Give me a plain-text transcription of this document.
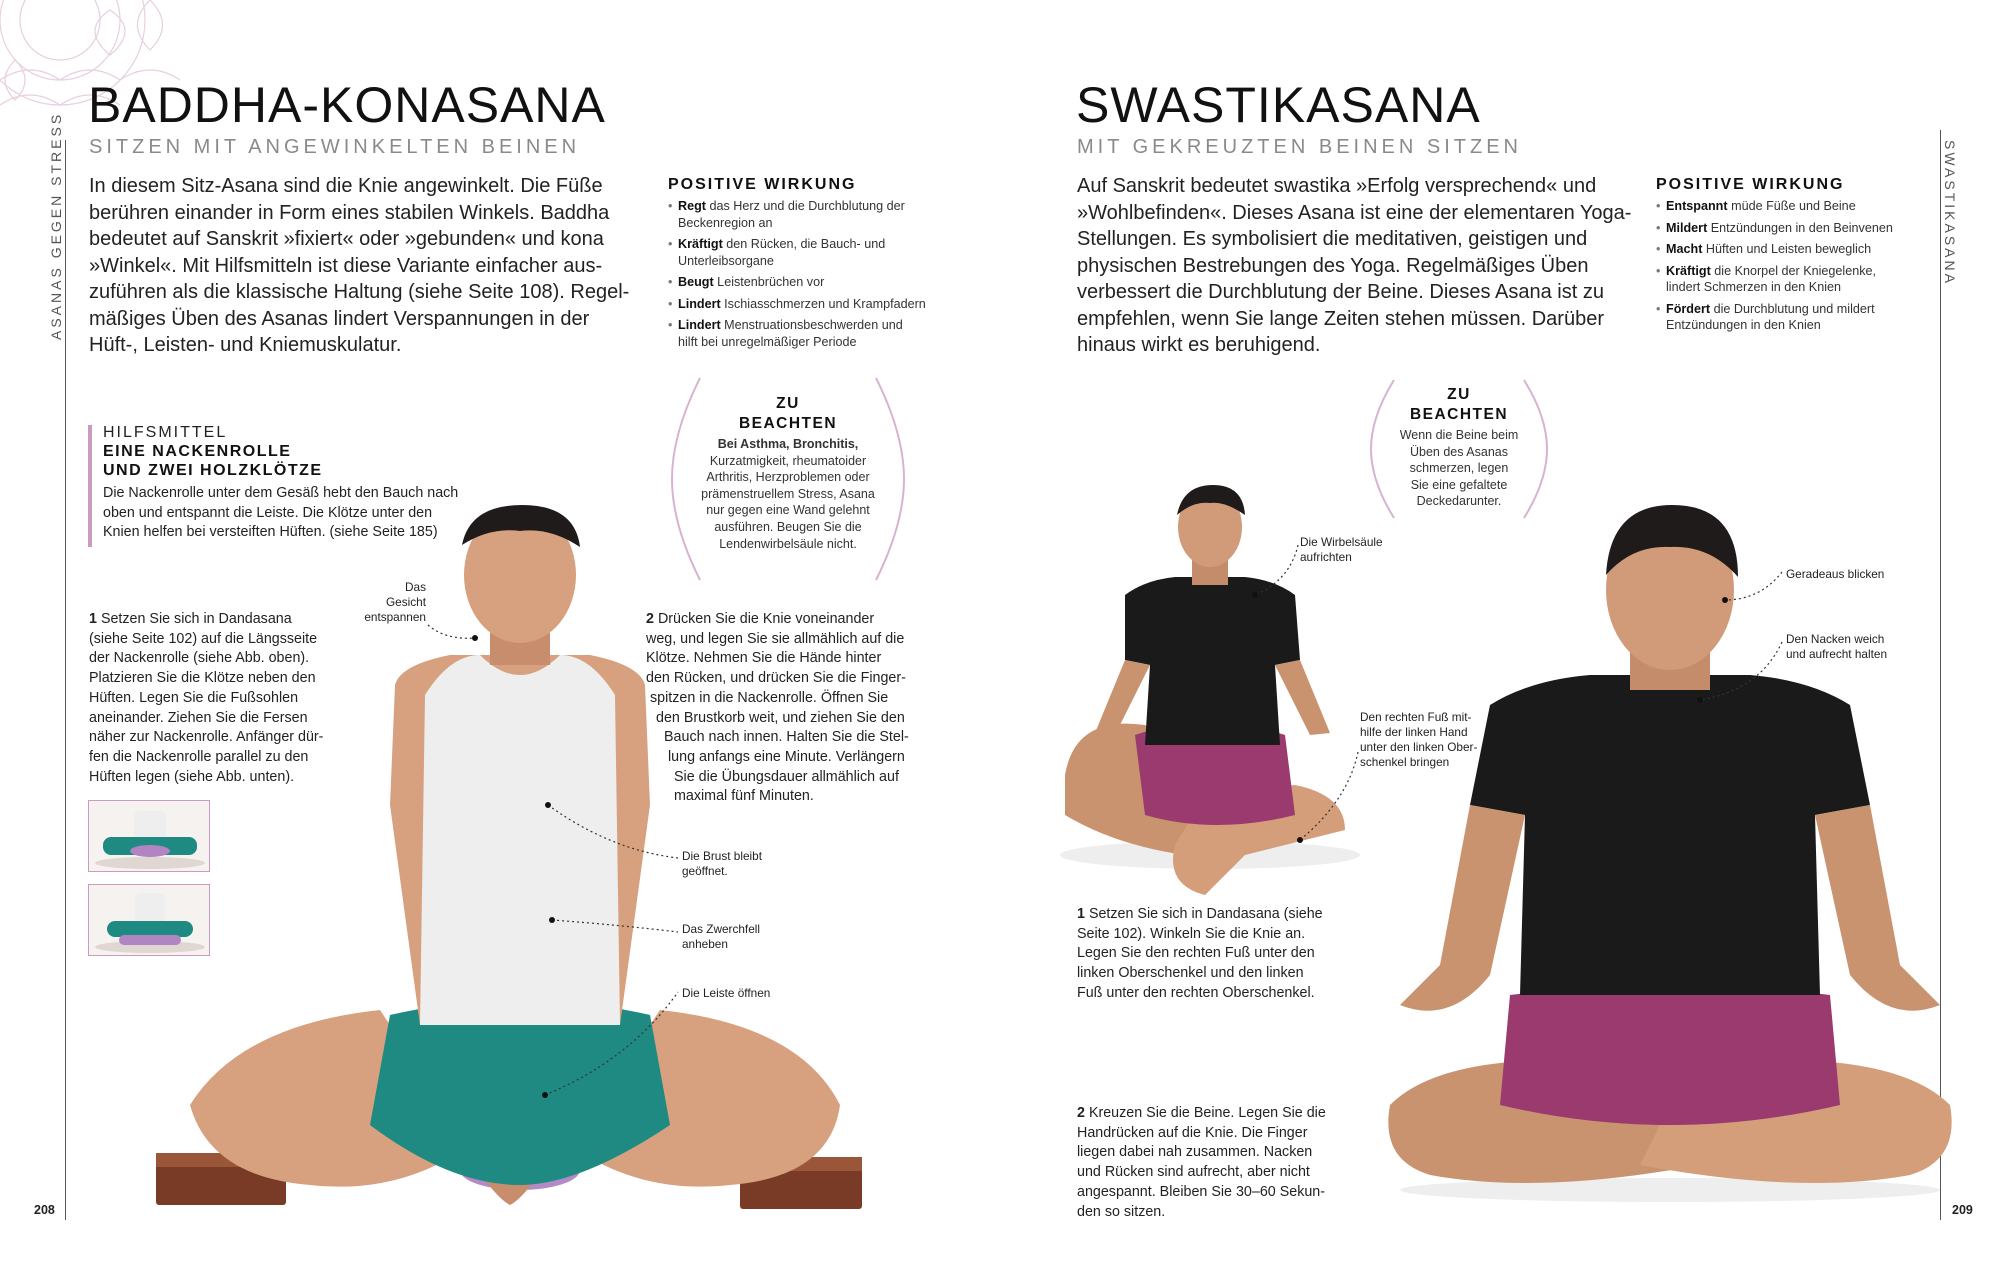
ASANAS GEGEN STRESS
208
BADDHA-KONASANA
SITZEN MIT ANGEWINKELTEN BEINEN
In diesem Sitz-Asana sind die Knie angewinkelt. Die Füße
berühren einander in Form eines stabilen Winkels. Baddha
bedeutet auf Sanskrit »fixiert« oder »gebunden« und kona
»Winkel«. Mit Hilfsmitteln ist diese Variante einfacher aus-
zuführen als die klassische Haltung (siehe Seite 108). Regel-
mäßiges Üben des Asanas lindert Verspannungen in der
Hüft-, Leisten- und Kniemuskulatur.
POSITIVE WIRKUNG
• Regt das Herz und die Durchblutung der
Beckenregion an
• Kräftigt den Rücken, die Bauch- und
Unterleibsorgane
• Beugt Leistenbrüchen vor
• Lindert Ischiasschmerzen und Krampfadern
• Lindert Menstruationsbeschwerden und
hilft bei unregelmäßiger Periode
ZU
BEACHTEN
Bei Asthma, Bronchitis,
Kurzatmigkeit, rheumatoider
Arthritis, Herzproblemen oder
prämenstruellem Stress, Asana
nur gegen eine Wand gelehnt
ausführen. Beugen Sie die
Lendenwirbelsäule nicht.
HILFSMITTEL
EINE NACKENROLLE
UND ZWEI HOLZKLÖTZE
Die Nackenrolle unter dem Gesäß hebt den Bauch nach
oben und entspannt die Leiste. Die Klötze unter den
Knien helfen bei versteiften Hüften. (siehe Seite 185)
1 Setzen Sie sich in Dandasana
(siehe Seite 102) auf die Längsseite
der Nackenrolle (siehe Abb. oben).
Platzieren Sie die Klötze neben den
Hüften. Legen Sie die Fußsohlen
aneinander. Ziehen Sie die Fersen
näher zur Nackenrolle. Anfänger dür-
fen die Nackenrolle parallel zu den
Hüften legen (siehe Abb. unten).
Das
Gesicht
entspannen
Die Brust bleibt
geöffnet.
Das Zwerchfell
anheben
Die Leiste öffnen
2 Drücken Sie die Knie voneinander
weg, und legen Sie sie allmählich auf die
Klötze. Nehmen Sie die Hände hinter
den Rücken, und drücken Sie die Finger-
spitzen in die Nackenrolle. Öffnen Sie
den Brustkorb weit, und ziehen Sie den
Bauch nach innen. Halten Sie die Stel-
lung anfangs eine Minute. Verlängern
Sie die Übungsdauer allmählich auf
maximal fünf Minuten.
SWASTIKASANA
209
SWASTIKASANA
MIT GEKREUZTEN BEINEN SITZEN
Auf Sanskrit bedeutet swastika »Erfolg versprechend« und
»Wohlbefinden«. Dieses Asana ist eine der elementaren Yoga-
Stellungen. Es symbolisiert die meditativen, geistigen und
physischen Bestrebungen des Yoga. Regelmäßiges Üben
verbessert die Durchblutung der Beine. Dieses Asana ist zu
empfehlen, wenn Sie lange Zeiten stehen müssen. Darüber
hinaus wirkt es beruhigend.
POSITIVE WIRKUNG
• Entspannt müde Füße und Beine
• Mildert Entzündungen in den Beinvenen
• Macht Hüften und Leisten beweglich
• Kräftigt die Knorpel der Kniegelenke,
lindert Schmerzen in den Knien
• Fördert die Durchblutung und mildert
Entzündungen in den Knien
ZU
BEACHTEN
Wenn die Beine beim
Üben des Asanas
schmerzen, legen
Sie eine gefaltete
Deckedarunter.
Die Wirbelsäule
aufrichten
Den rechten Fuß mit-
hilfe der linken Hand
unter den linken Ober-
schenkel bringen
Geradeaus blicken
Den Nacken weich
und aufrecht halten
1 Setzen Sie sich in Dandasana (siehe
Seite 102). Winkeln Sie die Knie an.
Legen Sie den rechten Fuß unter den
linken Oberschenkel und den linken
Fuß unter den rechten Oberschenkel.
2 Kreuzen Sie die Beine. Legen Sie die
Handrücken auf die Knie. Die Finger
liegen dabei nah zusammen. Nacken
und Rücken sind aufrecht, aber nicht
angespannt. Bleiben Sie 30–60 Sekun-
den so sitzen.
